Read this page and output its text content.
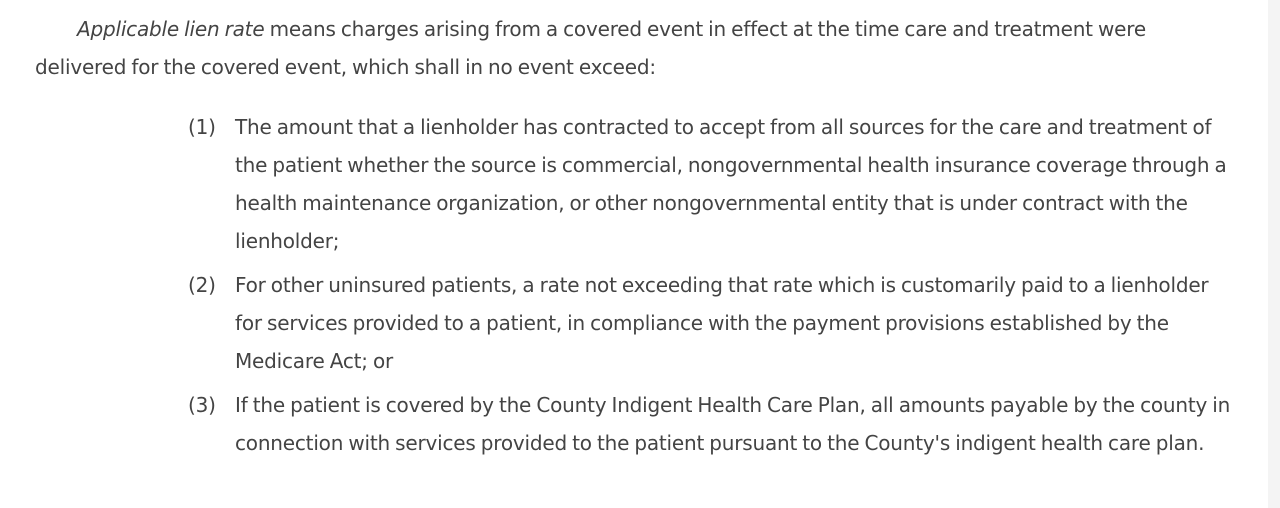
Applicable lien rate means charges arising from a covered event in effect at the time care and treatment were delivered for the covered event, which shall in no event exceed:

(1) The amount that a lienholder has contracted to accept from all sources for the care and treatment of the patient whether the source is commercial, nongovernmental health insurance coverage through a health maintenance organization, or other nongovernmental entity that is under contract with the lienholder;
(2) For other uninsured patients, a rate not exceeding that rate which is customarily paid to a lienholder for services provided to a patient, in compliance with the payment provisions established by the Medicare Act; or
(3) If the patient is covered by the County Indigent Health Care Plan, all amounts payable by the county in connection with services provided to the patient pursuant to the County's indigent health care plan.
